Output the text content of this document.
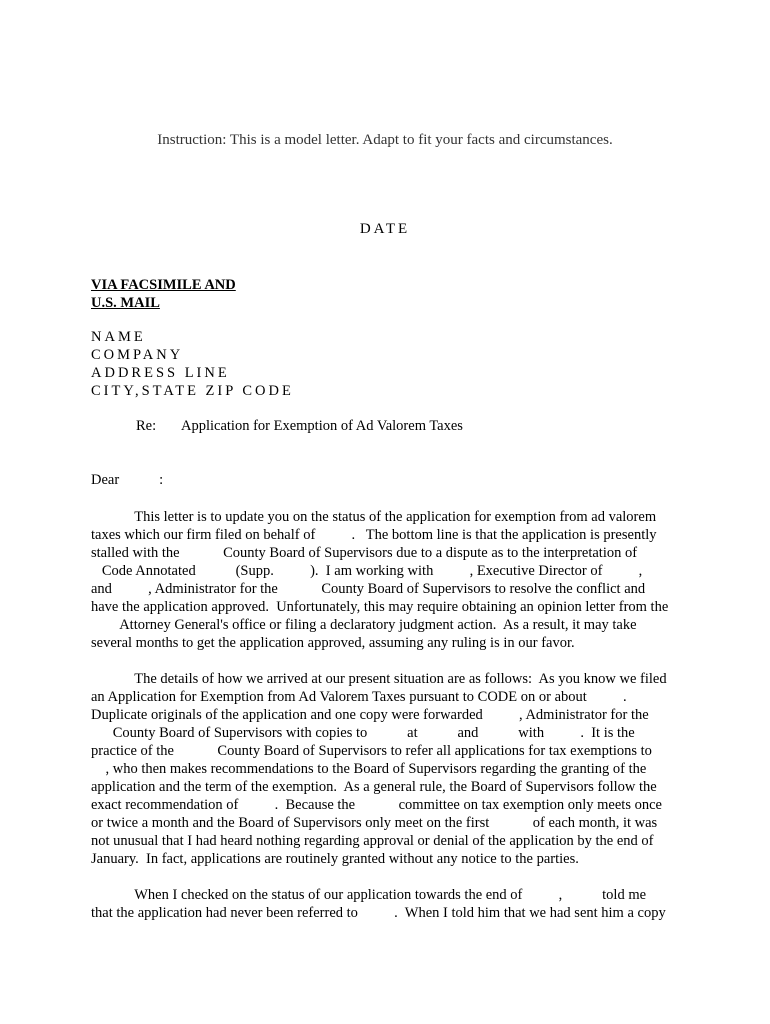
Instruction: This is a model letter. Adapt to fit your facts and circumstances.
DATE
VIA FACSIMILE AND
U.S. MAIL
NAME
COMPANY
ADDRESS LINE
CITY,STATE ZIP CODE
Re: Application for Exemption of Ad Valorem Taxes
Dear	:
This letter is to update you on the status of the application for exemption from ad valorem
taxes which our firm filed on behalf of          .   The bottom line is that the application is presently
stalled with the            County Board of Supervisors due to a dispute as to the interpretation of
Code Annotated           (Supp.          ).  I am working with          , Executive Director of          ,
and          , Administrator for the            County Board of Supervisors to resolve the conflict and
have the application approved.  Unfortunately, this may require obtaining an opinion letter from the
Attorney General's office or filing a declaratory judgment action.  As a result, it may take
several months to get the application approved, assuming any ruling is in our favor.
The details of how we arrived at our present situation are as follows:  As you know we filed
an Application for Exemption from Ad Valorem Taxes pursuant to CODE on or about          .
Duplicate originals of the application and one copy were forwarded          , Administrator for the
County Board of Supervisors with copies to           at           and           with          .  It is the
practice of the            County Board of Supervisors to refer all applications for tax exemptions to
, who then makes recommendations to the Board of Supervisors regarding the granting of the
application and the term of the exemption.  As a general rule, the Board of Supervisors follow the
exact recommendation of          .  Because the            committee on tax exemption only meets once
or twice a month and the Board of Supervisors only meet on the first            of each month, it was
not unusual that I had heard nothing regarding approval or denial of the application by the end of
January.  In fact, applications are routinely granted without any notice to the parties.
When I checked on the status of our application towards the end of          ,           told me
that the application had never been referred to          .  When I told him that we had sent him a copy
